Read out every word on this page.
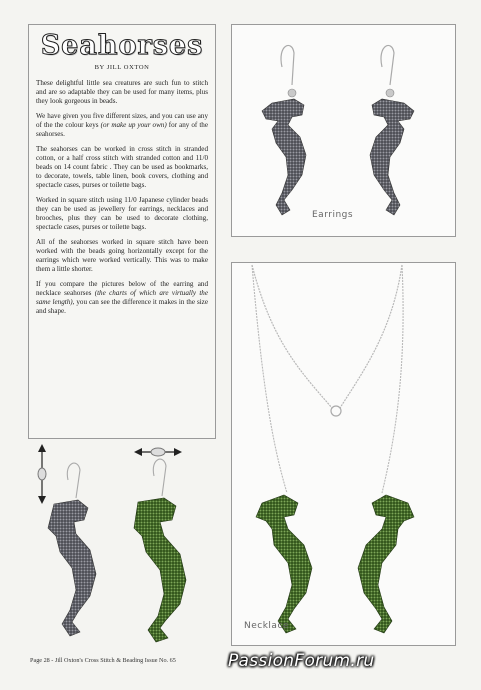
Seahorses
BY JILL OXTON

These delightful little sea creatures are such fun to stitch and are so adaptable they can be used for many items, plus they look gorgeous in beads.

We have given you five different sizes, and you can use any of the the colour keys (or make up your own) for any of the seahorses.

The seahorses can be worked in cross stitch in stranded cotton, or a half cross stitch with stranded cotton and 11/0 beads on 14 count fabric . They can be used as bookmarks, to decorate, towels, table linen, book covers, clothing and spectacle cases, purses or toilette bags.

Worked in square stitch using 11/0 Japanese cylinder beads they can be used as jewellery for earrings, necklaces and brooches, plus they can be used to decorate clothing, spectacle cases, purses or toilette bags.

All of the seahorses worked in square stitch have been worked with the beads going horizontally except for the earrings which were worked vertically. This was to make them a little shorter.

If you compare the pictures below of the earring and necklace seahorses (the charts of which are virtually the same length), you can see the difference it makes in the size and shape.

Earrings
Necklace
Page 28 - Jill Oxton's Cross Stitch & Beading Issue No. 65	PassionForum.ru
